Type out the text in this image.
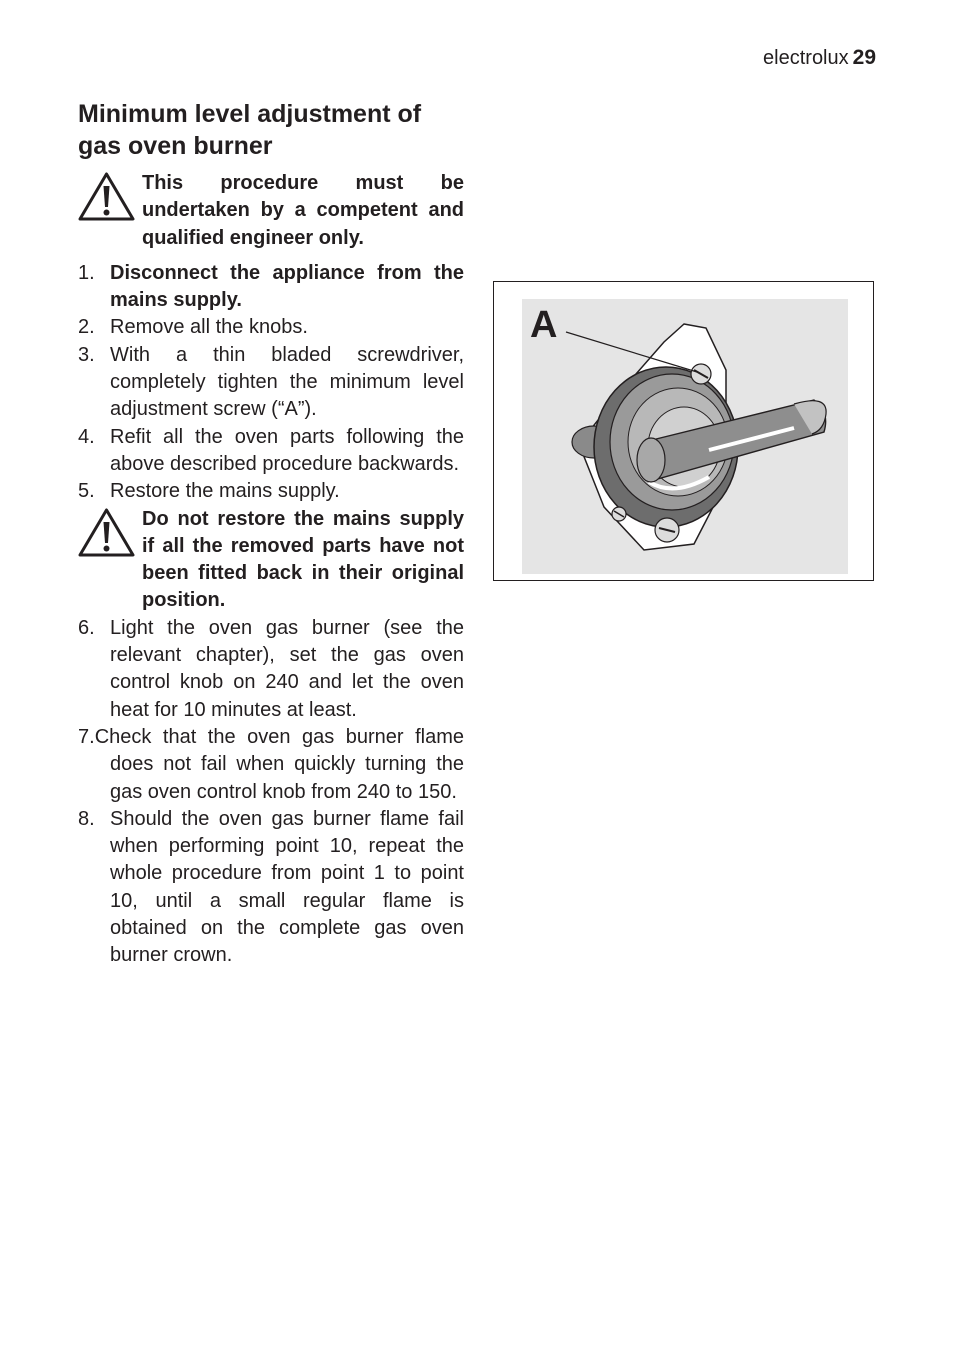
electrolux 29
Minimum level adjustment of gas oven burner
This procedure must be undertaken by a competent and qualified engineer only.
1. Disconnect the appliance from the mains supply.
2. Remove all the knobs.
3. With a thin bladed screwdriver, completely tighten the minimum level adjustment screw (“A”).
4. Refit all the oven parts following the above described procedure backwards.
5. Restore the mains supply.
Do not restore the mains supply if all the removed parts have not been fitted back in their original position.
6. Light the oven gas burner (see the relevant chapter), set the gas oven control knob on 240 and let the oven heat for 10 minutes at least.
7.Check that the oven gas burner flame does not fail when quickly turning the gas oven control knob from 240 to 150.
8. Should the oven gas burner flame fail when performing point 10, repeat the whole procedure from point 1 to point 10, until a small regular flame is obtained on the complete gas oven burner crown.
A
